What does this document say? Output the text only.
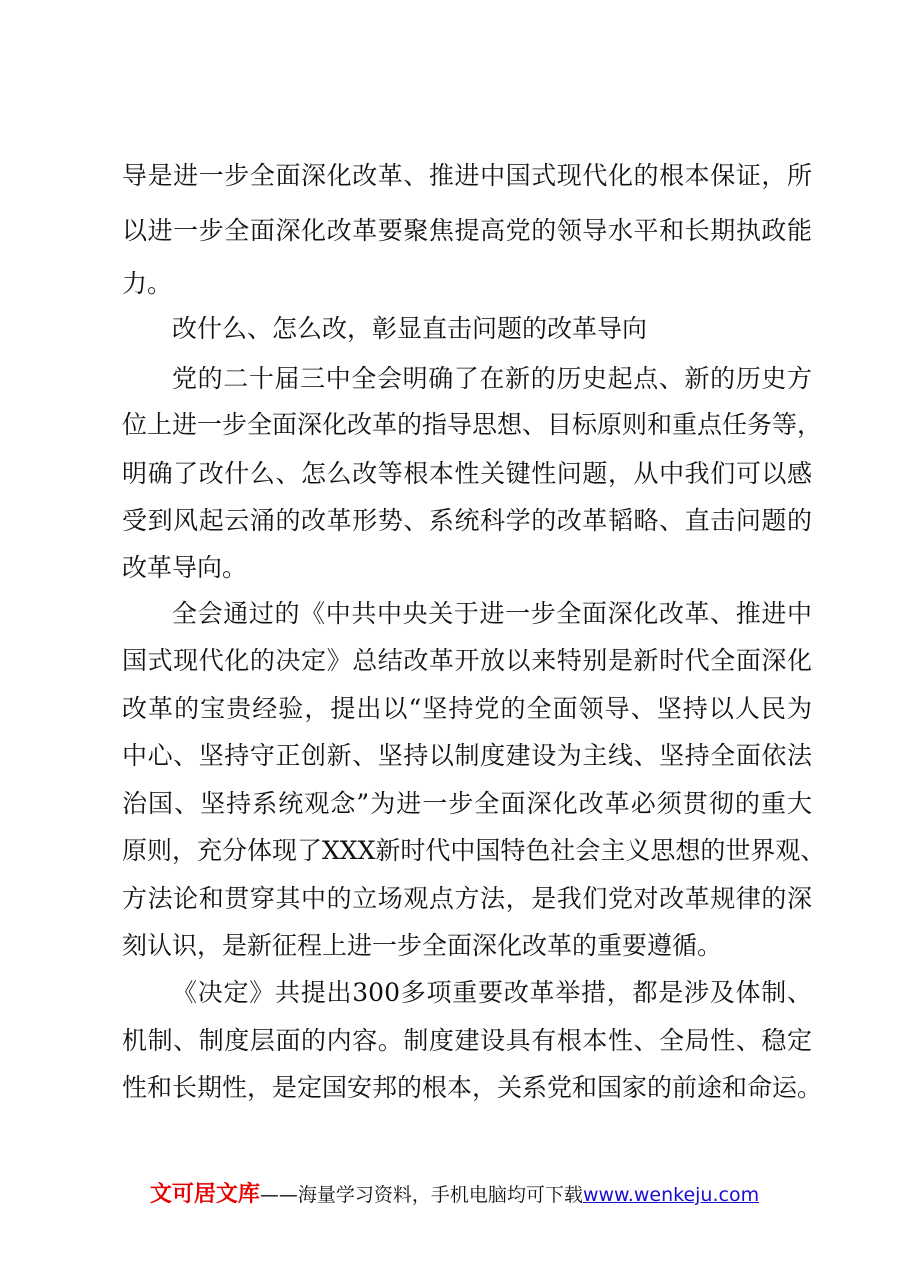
导是进一步全面深化改革、推进中国式现代化的根本保证，所
以进一步全面深化改革要聚焦提高党的领导水平和长期执政能
力。
改什么、怎么改，彰显直击问题的改革导向
党的二十届三中全会明确了在新的历史起点、新的历史方
位上进一步全面深化改革的指导思想、目标原则和重点任务等，
明确了改什么、怎么改等根本性关键性问题，从中我们可以感
受到风起云涌的改革形势、系统科学的改革韬略、直击问题的
改革导向。
全会通过的《中共中央关于进一步全面深化改革、推进中
国式现代化的决定》总结改革开放以来特别是新时代全面深化
改革的宝贵经验，提出以“坚持党的全面领导、坚持以人民为
中心、坚持守正创新、坚持以制度建设为主线、坚持全面依法
治国、坚持系统观念”为进一步全面深化改革必须贯彻的重大
原则，充分体现了XXX新时代中国特色社会主义思想的世界观、
方法论和贯穿其中的立场观点方法，是我们党对改革规律的深
刻认识，是新征程上进一步全面深化改革的重要遵循。
《决定》共提出300多项重要改革举措，都是涉及体制、
机制、制度层面的内容。制度建设具有根本性、全局性、稳定
性和长期性，是定国安邦的根本，关系党和国家的前途和命运。
文可居文库——海量学习资料，手机电脑均可下载www.wenkeju.com
